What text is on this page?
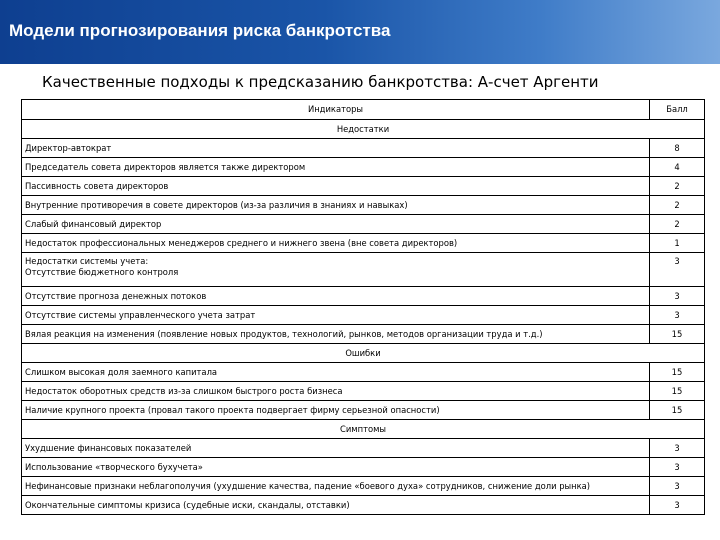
Модели прогнозирования риска банкротства
Качественные подходы к предсказанию банкротства: А-счет Аргенти
Индикаторы	Балл
Недостатки	
Директор-автократ	8
Председатель совета директоров является также директором	4
Пассивность совета директоров	2
Внутренние противоречия в совете директоров (из-за различия в знаниях и навыках)	2
Слабый финансовый директор	2
Недостаток профессиональных менеджеров среднего и нижнего звена (вне совета директоров)	1
Недостатки системы учета:
Отсутствие бюджетного контроля	3
Отсутствие прогноза денежных потоков	3
Отсутствие системы управленческого учета затрат	3
Вялая реакция на изменения (появление новых продуктов, технологий, рынков, методов организации труда и т.д.)	15
Ошибки	
Слишком высокая доля заемного капитала	15
Недостаток оборотных средств из-за слишком быстрого роста бизнеса	15
Наличие крупного проекта (провал такого проекта подвергает фирму серьезной опасности)	15
Симптомы	
Ухудшение финансовых показателей	3
Использование «творческого бухучета»	3
Нефинансовые признаки неблагополучия (ухудшение качества, падение «боевого духа» сотрудников, снижение доли рынка)	3
Окончательные симптомы кризиса (судебные иски, скандалы, отставки)	3
